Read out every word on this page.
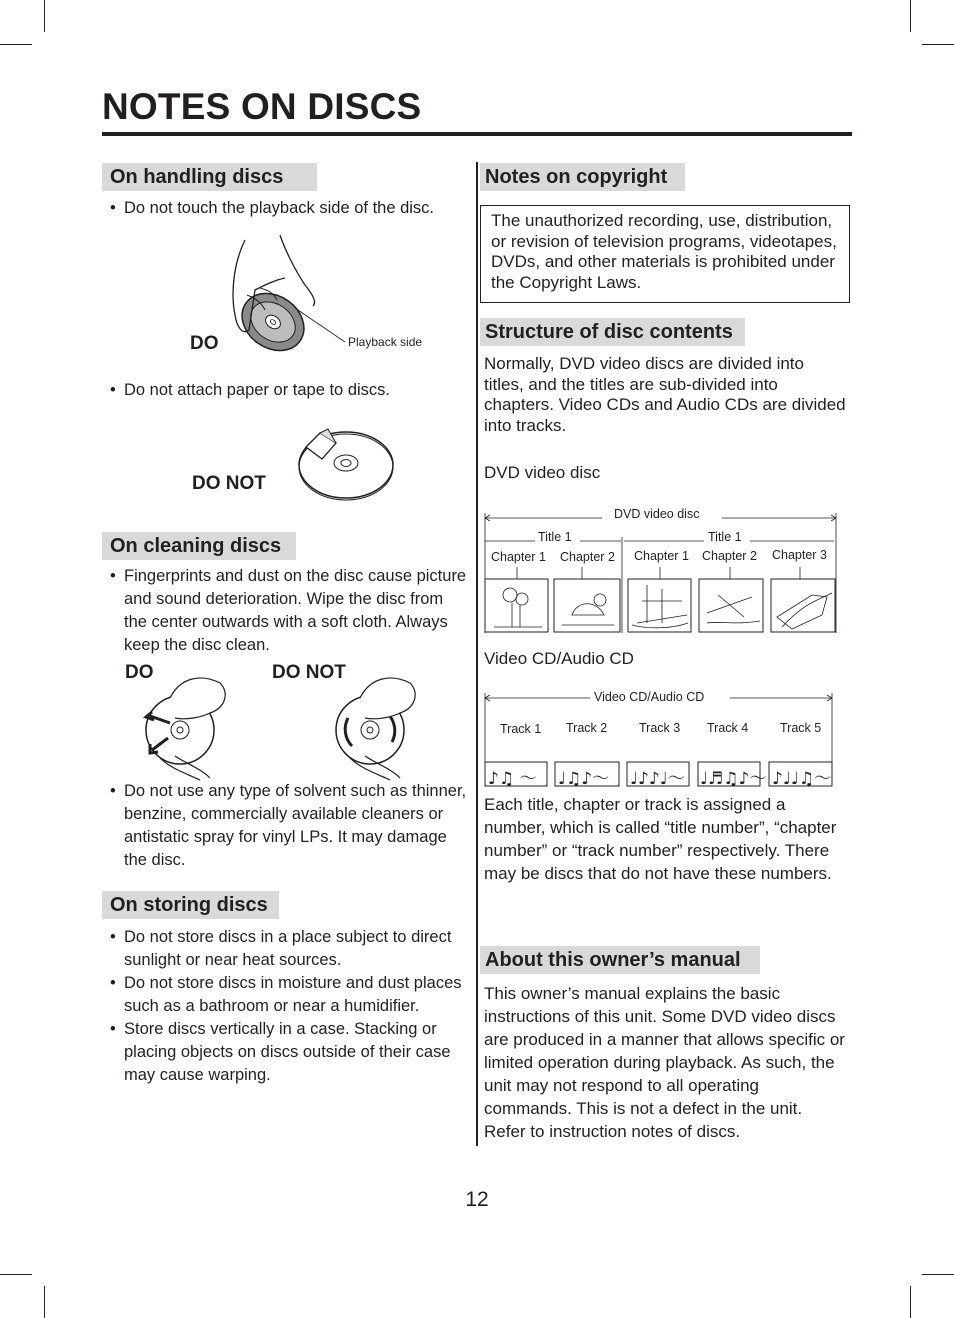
NOTES ON DISCS
On handling discs
• Do not touch the playback side of the disc.
DO	Playback side
• Do not attach paper or tape to discs.
DO NOT
On cleaning discs
• Fingerprints and dust on the disc cause picture and sound deterioration. Wipe the disc from the center outwards with a soft cloth. Always keep the disc clean.
DO	DO NOT
• Do not use any type of solvent such as thinner, benzine, commercially available cleaners or antistatic spray for vinyl LPs. It may damage the disc.
On storing discs
• Do not store discs in a place subject to direct sunlight or near heat sources.
• Do not store discs in moisture and dust places such as a bathroom or near a humidifier.
• Store discs vertically in a case. Stacking or placing objects on discs outside of their case may cause warping.
Notes on copyright
The unauthorized recording, use, distribution, or revision of television programs, videotapes, DVDs, and other materials is prohibited under the Copyright Laws.
Structure of disc contents
Normally, DVD video discs are divided into titles, and the titles are sub-divided into chapters. Video CDs and Audio CDs are divided into tracks.
DVD video disc
DVD video disc
Title 1	Title 1
Chapter 1 Chapter 2 Chapter 1 Chapter 2 Chapter 3
Video CD/Audio CD
Video CD/Audio CD
Track 1 Track 2	Track 3 Track 4	Track 5
♪♫ ～ ♩♫♪～ ♩♪♪♩～ ♩♬♫♪～ ♪♩♩♫～
Each title, chapter or track is assigned a number, which is called “title number”, “chapter number” or “track number” respectively. There may be discs that do not have these numbers.
About this owner’s manual
This owner’s manual explains the basic instructions of this unit. Some DVD video discs are produced in a manner that allows specific or limited operation during playback. As such, the unit may not respond to all operating commands. This is not a defect in the unit. Refer to instruction notes of discs.
12
